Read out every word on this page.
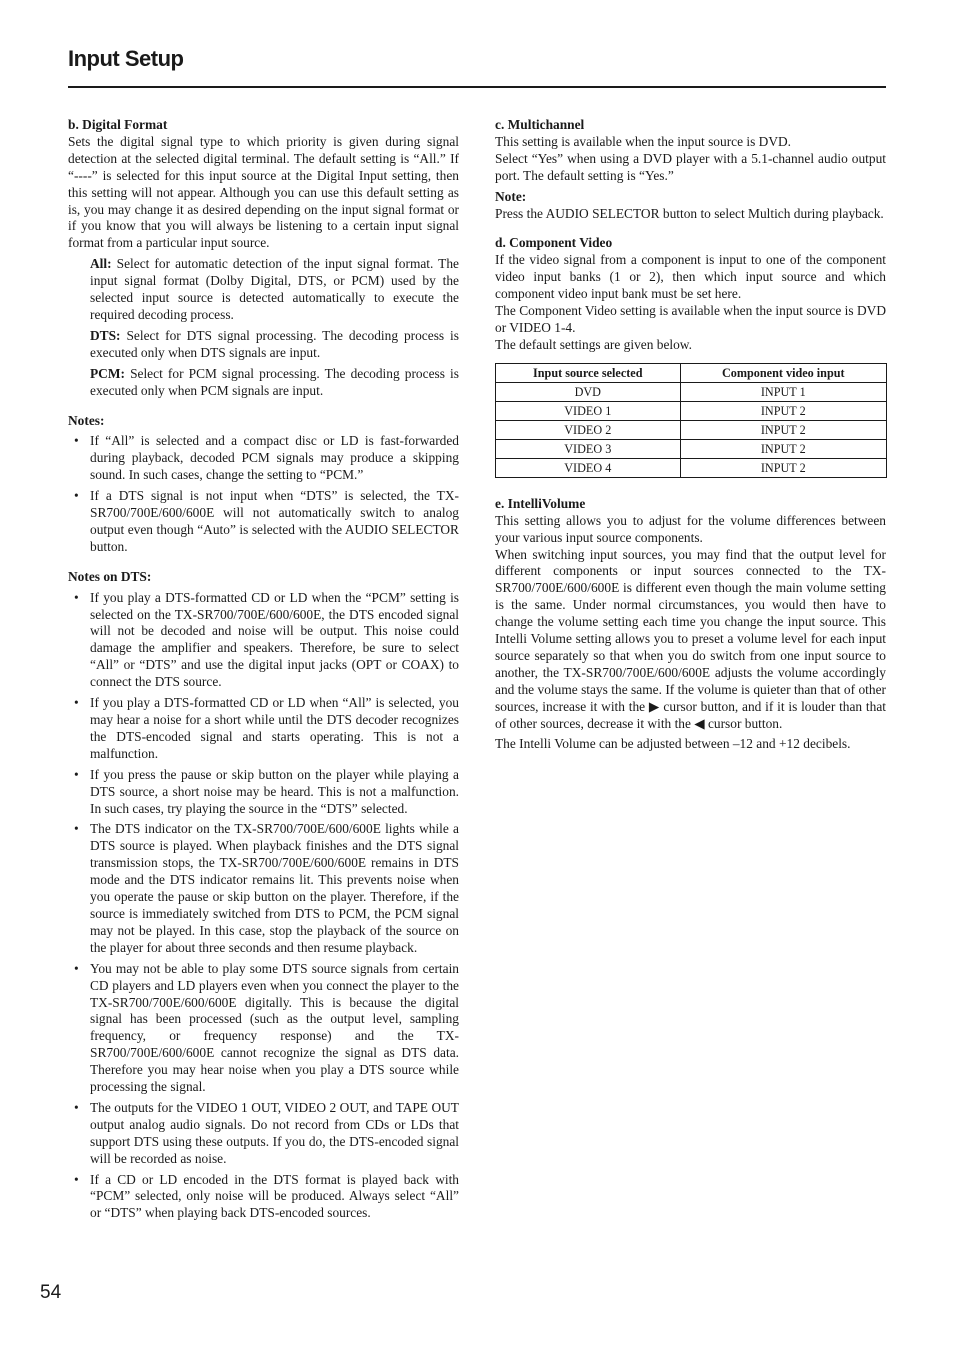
Input Setup
b. Digital Format

Sets the digital signal type to which priority is given during signal detection at the selected digital terminal. The default setting is “All.” If “----” is selected for this input source at the Digital Input setting, then this setting will not appear. Although you can use this default setting as is, you may change it as desired depending on the input signal format or if you know that you will always be listening to a certain input signal format from a particular input source.

All: Select for automatic detection of the input signal format. The input signal format (Dolby Digital, DTS, or PCM) used by the selected input source is detected automatically to execute the required decoding process.

DTS: Select for DTS signal processing. The decoding process is executed only when DTS signals are input.

PCM: Select for PCM signal processing. The decoding process is executed only when PCM signals are input.

Notes:
• If “All” is selected and a compact disc or LD is fast-forwarded during playback, decoded PCM signals may produce a skipping sound. In such cases, change the setting to “PCM.”
• If a DTS signal is not input when “DTS” is selected, the TX-SR700/700E/600/600E will not automatically switch to analog output even though “Auto” is selected with the AUDIO SELECTOR button.
Notes on DTS:
• If you play a DTS-formatted CD or LD when the “PCM” setting is selected on the TX-SR700/700E/600/600E, the DTS encoded signal will not be decoded and noise will be output. This noise could damage the amplifier and speakers. Therefore, be sure to select “All” or “DTS” and use the digital input jacks (OPT or COAX) to connect the DTS source.
• If you play a DTS-formatted CD or LD when “All” is selected, you may hear a noise for a short while until the DTS decoder recognizes the DTS-encoded signal and starts operating. This is not a malfunction.
• If you press the pause or skip button on the player while playing a DTS source, a short noise may be heard. This is not a malfunction. In such cases, try playing the source in the “DTS” selected.
• The DTS indicator on the TX-SR700/700E/600/600E lights while a DTS source is played. When playback finishes and the DTS signal transmission stops, the TX-SR700/700E/600/600E remains in DTS mode and the DTS indicator remains lit. This prevents noise when you operate the pause or skip button on the player. Therefore, if the source is immediately switched from DTS to PCM, the PCM signal may not be played. In this case, stop the playback of the source on the player for about three seconds and then resume playback.
• You may not be able to play some DTS source signals from certain CD players and LD players even when you connect the player to the TX-SR700/700E/600/600E digitally. This is because the digital signal has been processed (such as the output level, sampling frequency, or frequency response) and the TX-SR700/700E/600/600E cannot recognize the signal as DTS data. Therefore you may hear noise when you play a DTS source while processing the signal.
• The outputs for the VIDEO 1 OUT, VIDEO 2 OUT, and TAPE OUT output analog audio signals. Do not record from CDs or LDs that support DTS using these outputs. If you do, the DTS-encoded signal will be recorded as noise.
• If a CD or LD encoded in the DTS format is played back with “PCM” selected, only noise will be produced. Always select “All” or “DTS” when playing back DTS-encoded sources.
c. Multichannel

This setting is available when the input source is DVD.

Select “Yes” when using a DVD player with a 5.1-channel audio output port. The default setting is “Yes.”

Note:

Press the AUDIO SELECTOR button to select Multich during playback.

d. Component Video

If the video signal from a component is input to one of the component video input banks (1 or 2), then which input source and which component video input bank must be set here.

The Component Video setting is available when the input source is DVD or VIDEO 1-4.

The default settings are given below.

Input source selected	Component video input
DVD	INPUT 1
VIDEO 1	INPUT 2
VIDEO 2	INPUT 2
VIDEO 3	INPUT 2
VIDEO 4	INPUT 2
e. IntelliVolume

This setting allows you to adjust for the volume differences between your various input source components.

When switching input sources, you may find that the output level for different components or input sources connected to the TX-SR700/700E/600/600E is different even though the main volume setting is the same. Under normal circumstances, you would then have to change the volume setting each time you change the input source. This Intelli Volume setting allows you to preset a volume level for each input source separately so that when you do switch from one input source to another, the TX-SR700/700E/600/600E adjusts the volume accordingly and the volume stays the same. If the volume is quieter than that of other sources, increase it with the ▶ cursor button, and if it is louder than that of other sources, decrease it with the ◀ cursor button.

The Intelli Volume can be adjusted between –12 and +12 decibels.

54
